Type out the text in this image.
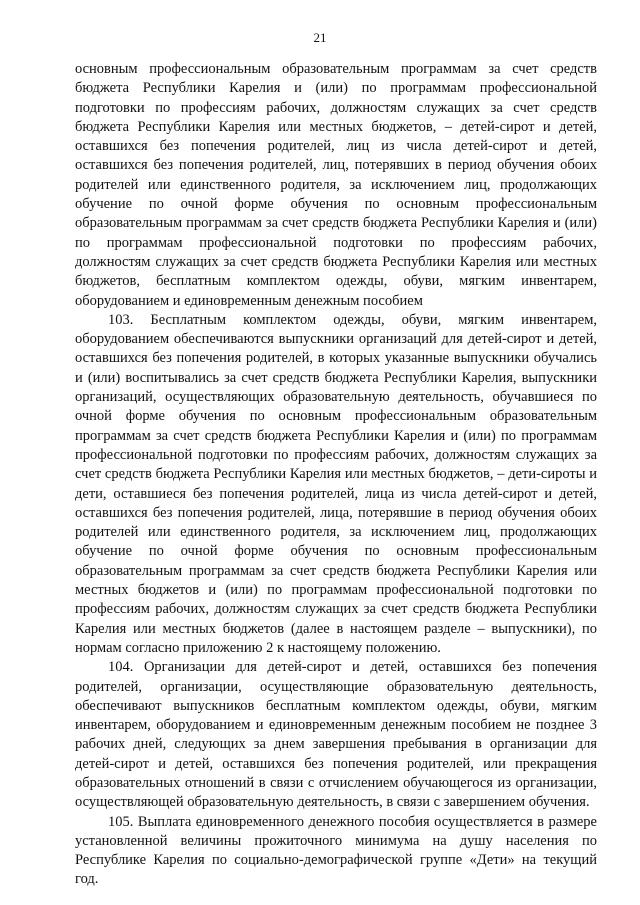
21

основным профессиональным образовательным программам за счет средств бюджета Республики Карелия и (или) по программам профессиональной подготовки по профессиям рабочих, должностям служащих за счет средств бюджета Республики Карелия или местных бюджетов, – детей-сирот и детей, оставшихся без попечения родителей, лиц из числа детей-сирот и детей, оставшихся без попечения родителей, лиц, потерявших в период обучения обоих родителей или единственного родителя, за исключением лиц, продолжающих обучение по очной форме обучения по основным профессиональным образовательным программам за счет средств бюджета Республики Карелия и (или) по программам профессиональной подготовки по профессиям рабочих, должностям служащих за счет средств бюджета Республики Карелия или местных бюджетов, бесплатным комплектом одежды, обуви, мягким инвентарем, оборудованием и единовременным денежным пособием

103. Бесплатным комплектом одежды, обуви, мягким инвентарем, оборудованием обеспечиваются выпускники организаций для детей-сирот и детей, оставшихся без попечения родителей, в которых указанные выпускники обучались и (или) воспитывались за счет средств бюджета Республики Карелия, выпускники организаций, осуществляющих образовательную деятельность, обучавшиеся по очной форме обучения по основным профессиональным образовательным программам за счет средств бюджета Республики Карелия и (или) по программам профессиональной подготовки по профессиям рабочих, должностям служащих за счет средств бюджета Республики Карелия или местных бюджетов, – дети-сироты и дети, оставшиеся без попечения родителей, лица из числа детей-сирот и детей, оставшихся без попечения родителей, лица, потерявшие в период обучения обоих родителей или единственного родителя, за исключением лиц, продолжающих обучение по очной форме обучения по основным профессиональным образовательным программам за счет средств бюджета Республики Карелия или местных бюджетов и (или) по программам профессиональной подготовки по профессиям рабочих, должностям служащих за счет средств бюджета Республики Карелия или местных бюджетов (далее в настоящем разделе – выпускники), по нормам согласно приложению 2 к настоящему положению.

104. Организации для детей-сирот и детей, оставшихся без попечения родителей, организации, осуществляющие образовательную деятельность, обеспечивают выпускников бесплатным комплектом одежды, обуви, мягким инвентарем, оборудованием и единовременным денежным пособием не позднее 3 рабочих дней, следующих за днем завершения пребывания в организации для детей-сирот и детей, оставшихся без попечения родителей, или прекращения образовательных отношений в связи с отчислением обучающегося из организации, осуществляющей образовательную деятельность, в связи с завершением обучения.

105. Выплата единовременного денежного пособия осуществляется в размере установленной величины прожиточного минимума на душу населения по Республике Карелия по социально-демографической группе «Дети» на текущий год.
